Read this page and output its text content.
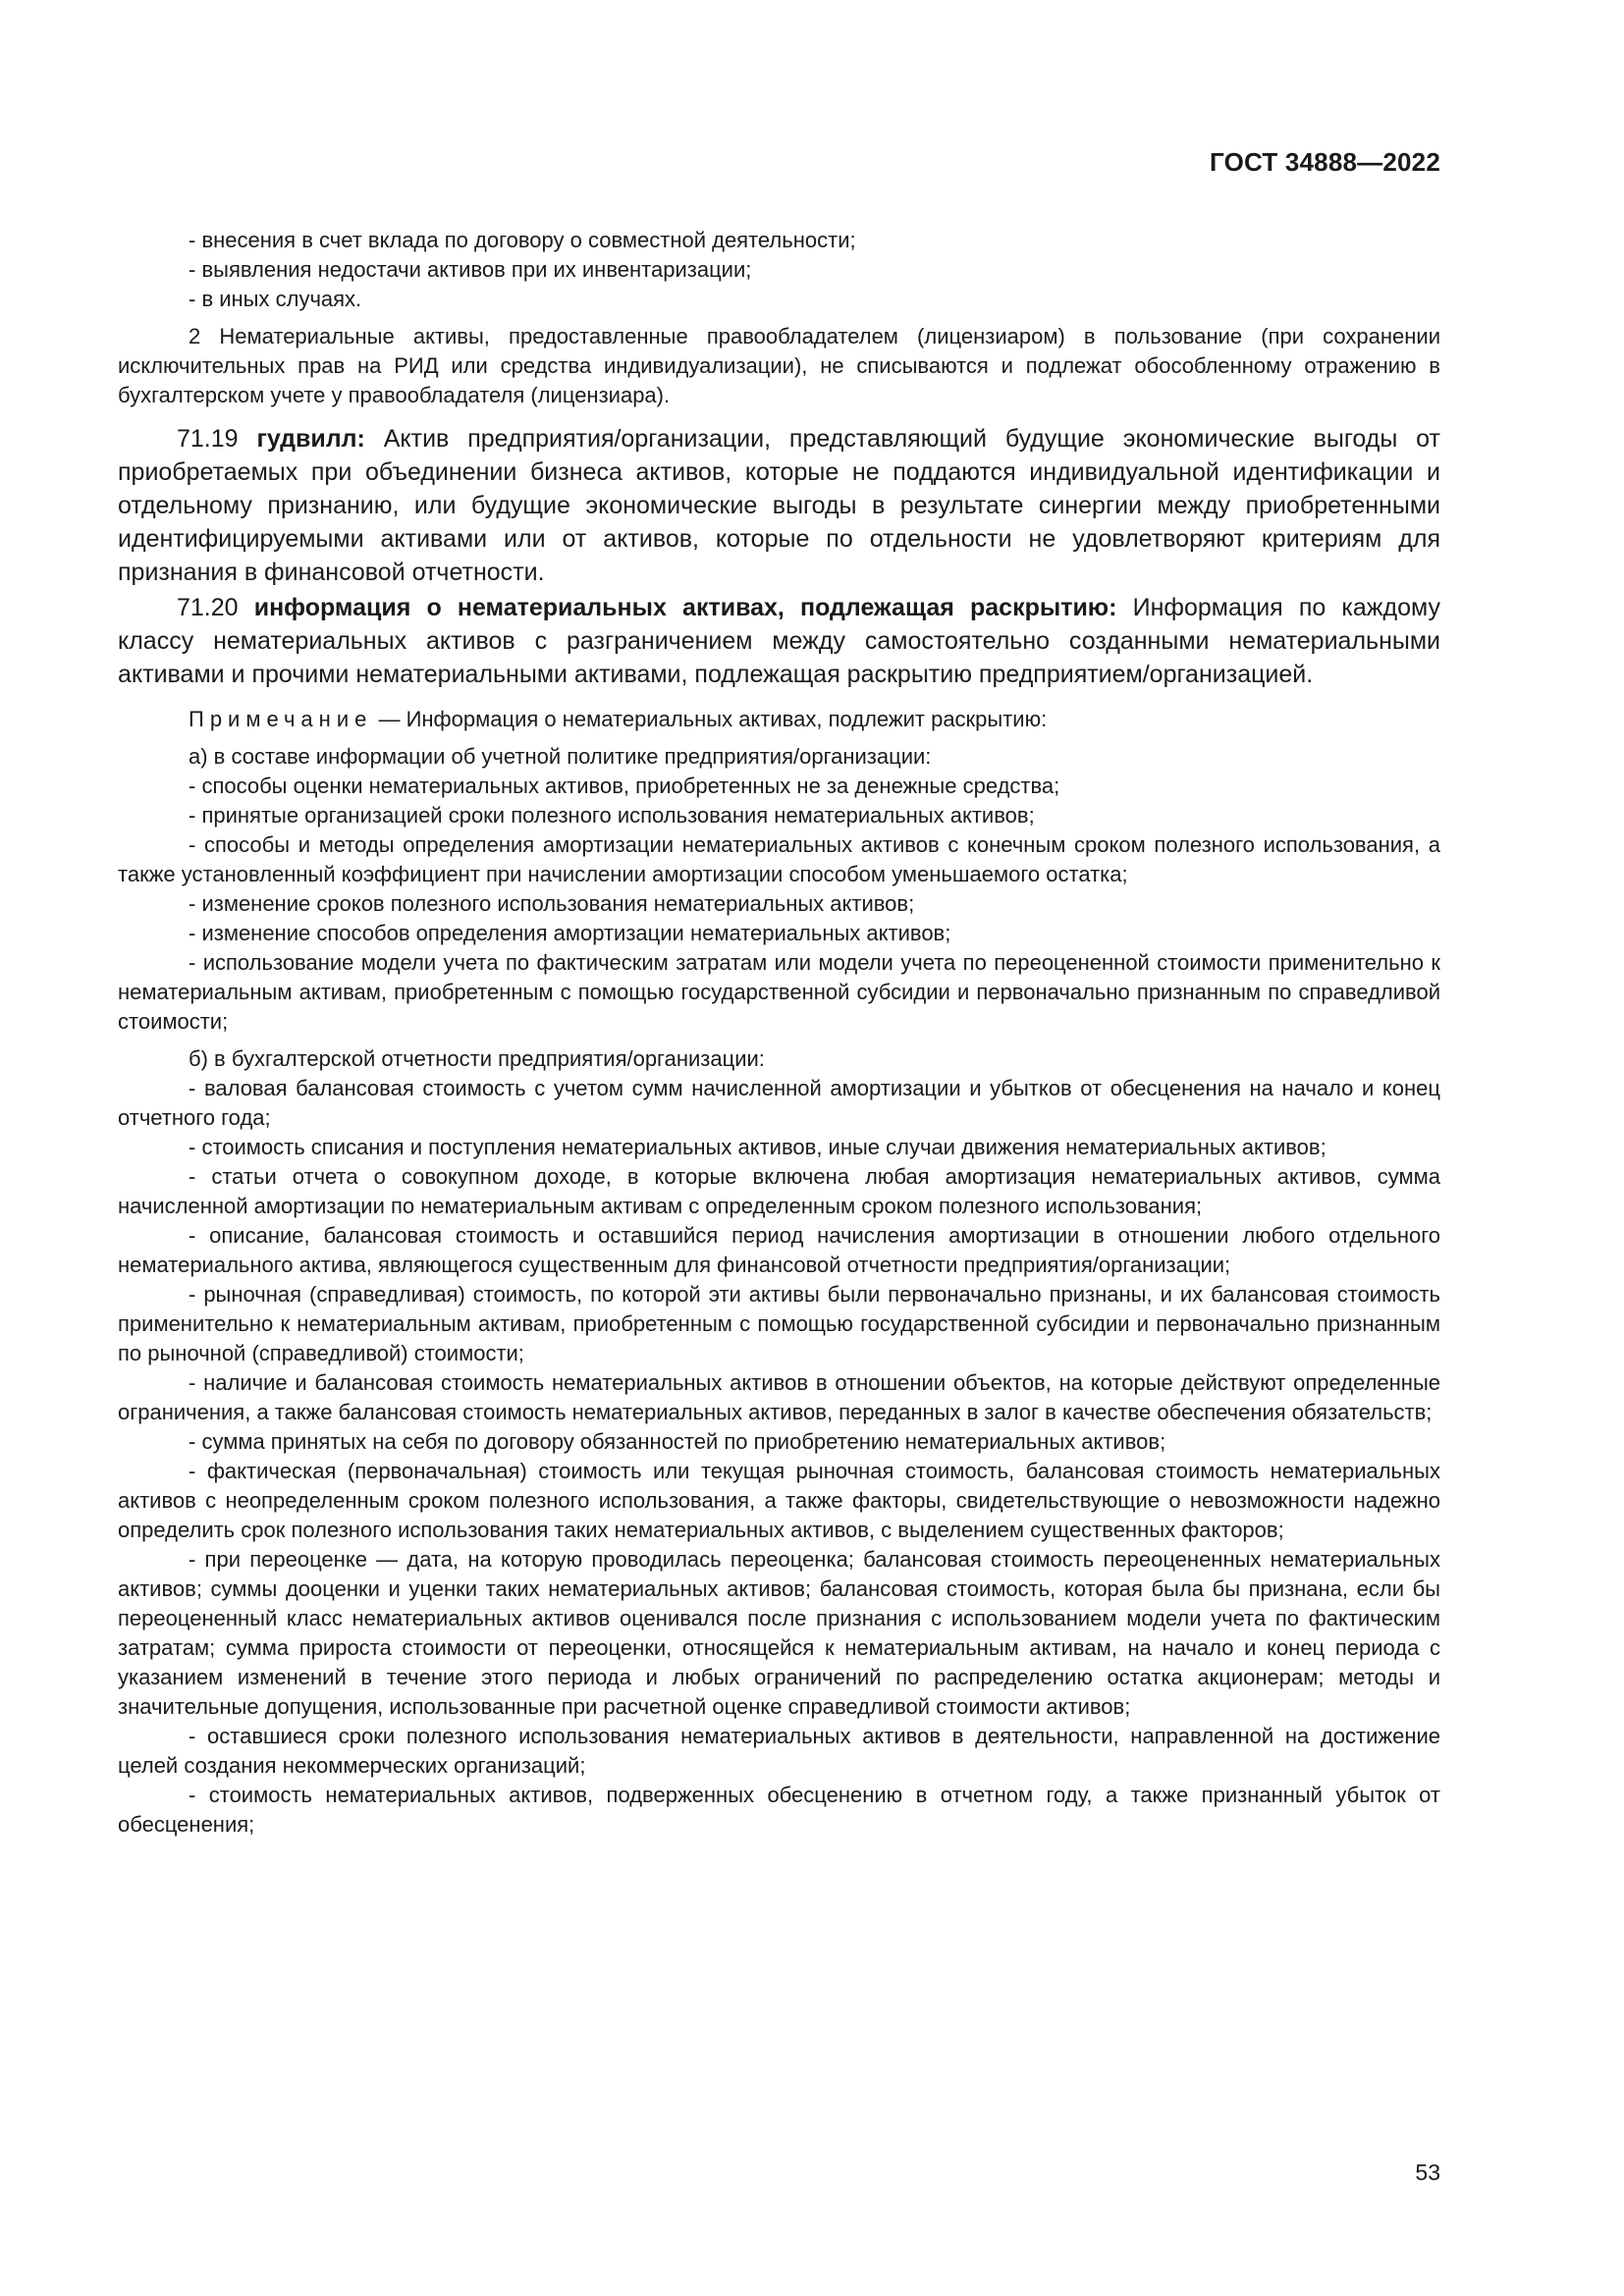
ГОСТ 34888—2022

- внесения в счет вклада по договору о совместной деятельности;

- выявления недостачи активов при их инвентаризации;

- в иных случаях.

2 Нематериальные активы, предоставленные правообладателем (лицензиаром) в пользование (при сохранении исключительных прав на РИД или средства индивидуализации), не списываются и подлежат обособленному отражению в бухгалтерском учете у правообладателя (лицензиара).

71.19 гудвилл: Актив предприятия/организации, представляющий будущие экономические выгоды от приобретаемых при объединении бизнеса активов, которые не поддаются индивидуальной идентификации и отдельному признанию, или будущие экономические выгоды в результате синергии между приобретенными идентифицируемыми активами или от активов, которые по отдельности не удовлетворяют критериям для признания в финансовой отчетности.

71.20 информация о нематериальных активах, подлежащая раскрытию: Информация по каждому классу нематериальных активов с разграничением между самостоятельно созданными нематериальными активами и прочими нематериальными активами, подлежащая раскрытию предприятием/организацией.

Примечание — Информация о нематериальных активах, подлежит раскрытию:

а) в составе информации об учетной политике предприятия/организации:

- способы оценки нематериальных активов, приобретенных не за денежные средства;

- принятые организацией сроки полезного использования нематериальных активов;

- способы и методы определения амортизации нематериальных активов с конечным сроком полезного использования, а также установленный коэффициент при начислении амортизации способом уменьшаемого остатка;

- изменение сроков полезного использования нематериальных активов;

- изменение способов определения амортизации нематериальных активов;

- использование модели учета по фактическим затратам или модели учета по переоцененной стоимости применительно к нематериальным активам, приобретенным с помощью государственной субсидии и первоначально признанным по справедливой стоимости;

б) в бухгалтерской отчетности предприятия/организации:

- валовая балансовая стоимость с учетом сумм начисленной амортизации и убытков от обесценения на начало и конец отчетного года;

- стоимость списания и поступления нематериальных активов, иные случаи движения нематериальных активов;

- статьи отчета о совокупном доходе, в которые включена любая амортизация нематериальных активов, сумма начисленной амортизации по нематериальным активам с определенным сроком полезного использования;

- описание, балансовая стоимость и оставшийся период начисления амортизации в отношении любого отдельного нематериального актива, являющегося существенным для финансовой отчетности предприятия/организации;

- рыночная (справедливая) стоимость, по которой эти активы были первоначально признаны, и их балансовая стоимость применительно к нематериальным активам, приобретенным с помощью государственной субсидии и первоначально признанным по рыночной (справедливой) стоимости;

- наличие и балансовая стоимость нематериальных активов в отношении объектов, на которые действуют определенные ограничения, а также балансовая стоимость нематериальных активов, переданных в залог в качестве обеспечения обязательств;

- сумма принятых на себя по договору обязанностей по приобретению нематериальных активов;

- фактическая (первоначальная) стоимость или текущая рыночная стоимость, балансовая стоимость нематериальных активов с неопределенным сроком полезного использования, а также факторы, свидетельствующие о невозможности надежно определить срок полезного использования таких нематериальных активов, с выделением существенных факторов;

- при переоценке — дата, на которую проводилась переоценка; балансовая стоимость переоцененных нематериальных активов; суммы дооценки и уценки таких нематериальных активов; балансовая стоимость, которая была бы признана, если бы переоцененный класс нематериальных активов оценивался после признания с использованием модели учета по фактическим затратам; сумма прироста стоимости от переоценки, относящейся к нематериальным активам, на начало и конец периода с указанием изменений в течение этого периода и любых ограничений по распределению остатка акционерам; методы и значительные допущения, использованные при расчетной оценке справедливой стоимости активов;

- оставшиеся сроки полезного использования нематериальных активов в деятельности, направленной на достижение целей создания некоммерческих организаций;

- стоимость нематериальных активов, подверженных обесценению в отчетном году, а также признанный убыток от обесценения;

53
